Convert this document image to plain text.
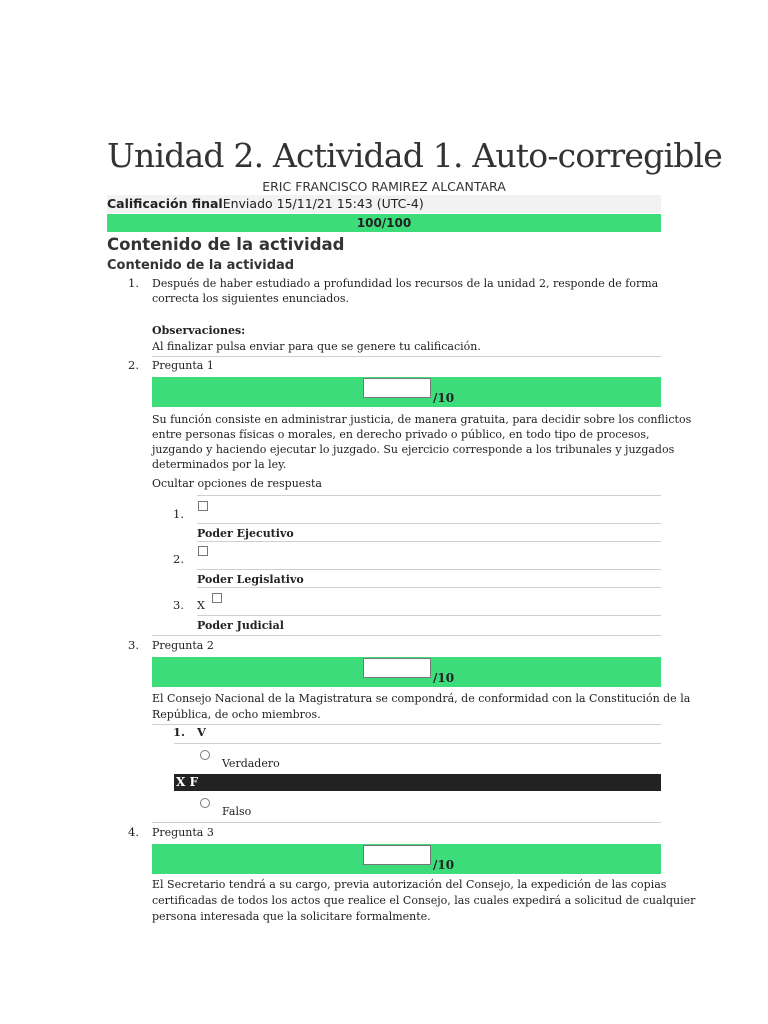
Unidad 2. Actividad 1. Auto-corregible
ERIC FRANCISCO RAMIREZ ALCANTARA
Calificación finalEnviado 15/11/21 15:43 (UTC-4)
100/100
Contenido de la actividad
Contenido de la actividad
1. Después de haber estudiado a profundidad los recursos de la unidad 2, responde de forma
correcta los siguientes enunciados.
Observaciones:
Al finalizar pulsa enviar para que se genere tu calificación.
2. Pregunta 1
/10
Su función consiste en administrar justicia, de manera gratuita, para decidir sobre los conflictos
entre personas físicas o morales, en derecho privado o público, en todo tipo de procesos,
juzgando y haciendo ejecutar lo juzgado. Su ejercicio corresponde a los tribunales y juzgados
determinados por la ley.
Ocultar opciones de respuesta
1.
Poder Ejecutivo
2.
Poder Legislativo
3. X
Poder Judicial
3. Pregunta 2
/10
El Consejo Nacional de la Magistratura se compondrá, de conformidad con la Constitución de la
República, de ocho miembros.
1. V
Verdadero
X F
Falso
4. Pregunta 3
/10
El Secretario tendrá a su cargo, previa autorización del Consejo, la expedición de las copias
certificadas de todos los actos que realice el Consejo, las cuales expedirá a solicitud de cualquier
persona interesada que la solicitare formalmente.
